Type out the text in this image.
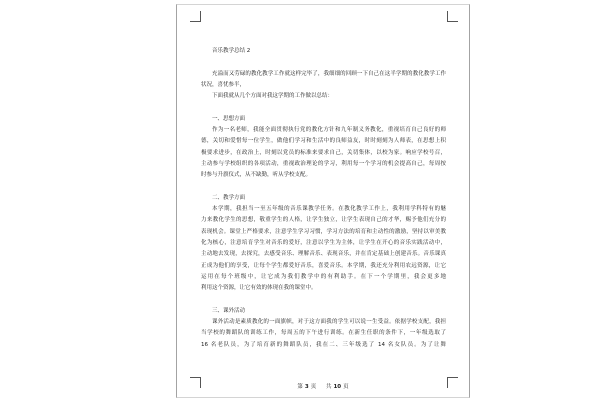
音乐教学总结 2
充溢而又劳碌的教化教学工作就这样完毕了，我细细的回顾一下自己在这半学期的教化教学工作
状况，喜忧参半，
下面我就从几个方面对我这学期的工作做以总结：
一、思想方面
作为一名老师，我能全面贯彻执行党的教化方针和九年制义务教化，重视培育自己良好的师
德，关切和爱惜每一位学生，做他们学习和生活中的良师益友，时时刻刻为人师表，在思想上积
极要求进步，在政治上，时刻以党员的标准来要求自己，关切集体，以校为家。响应学校号召，
主动参与学校组织的各项活动，重视政治理论的学习，利用每一个学习的机会提高自己，每周按
时参与升旗仪式，从不缺勤，听从学校支配。
二、教学方面
本学期，我担当一至五年级的音乐课教学任务。在教化教学工作上，我利用学科特有的魅
力来教化学生的思想，敬重学生的人格，让学生独立，让学生表现自己的才华，赐予他们充分的
表现机会。课堂上严格要求，注意学生学习习惯，学习方法的培育和主动性的激励，坚持以审美教
化为核心，注意培育学生对音乐的爱好，注意以学生为主体，让学生在开心的音乐实践活动中，
主动地去发现，去探究，去感受音乐、理解音乐、表现音乐，并在肯定基础上创建音乐。音乐课真
正成为他们的享受，让每个学生都爱好音乐，喜爱音乐。本学期，我还充分利用农远资源，让它
运用在每个班级中，让它成为我们教学中的有利助手。在下一个学期里，我会更多地
利用这个资源，让它有效的体现在我的课堂中。
三、课外活动
课外活动是素质教化的一面旗帜，对于这方面我的学生可以说一生受益。依据学校支配，我担
当学校的舞蹈队的训练工作，每周五的下午进行训练。在新生任职的条件下，一年级选取了
16 名老队员，为了培育新的舞蹈队员，我在二、三年级选了 14 名女队员。为了让舞
第 3 页 共 10 页
